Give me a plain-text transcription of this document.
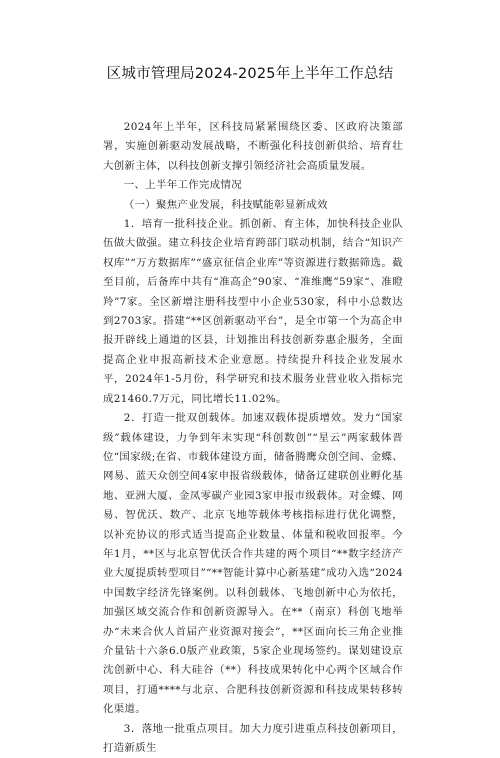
区城市管理局2024-2025年上半年工作总结

2024年上半年，区科技局紧紧围绕区委、区政府决策部署，实施创新驱动发展战略，不断强化科技创新供给、培育壮大创新主体，以科技创新支撑引领经济社会高质量发展。

一、上半年工作完成情况

（一）聚焦产业发展，科技赋能彰显新成效

1．培育一批科技企业。抓创新、育主体，加快科技企业队伍做大做强。建立科技企业培育跨部门联动机制，结合“知识产权库”“万方数据库”“盛京征信企业库”等资源进行数据筛选。截至目前，后备库中共有“准高企”90家、“准维鹰”59家“、准瞪羚”7家。全区新增注册科技型中小企业530家，科中小总数达到2703家。搭建“**区创新驱动平台”，是全市第一个为高企申报开辟线上通道的区县，计划推出科技创新券惠企服务，全面提高企业申报高新技术企业意愿。持续提升科技企业发展水平，2024年1-5月份，科学研究和技术服务业营业收入指标完成21460.7万元，同比增长11.02%。

2．打造一批双创载体。加速双载体提质增效。发力“国家级”载体建设，力争到年末实现“科创数创”“星云”两家载体晋位“国家级;在省、市载体建设方面，储备腾鹰众创空间、金蝶、网易、蓝天众创空间4家申报省级载体，储备辽建联创业孵化基地、亚洲大厦、金凤零碳产业园3家申报市级载体。对金蝶、网易、智优沃、数产、北京飞地等载体考核指标进行优化调整，以补充协议的形式适当提高企业数量、体量和税收回报率。今年1月，**区与北京智优沃合作共建的两个项目“**数字经济产业大厦提质转型项目”“**智能计算中心新基建”成功入选“2024中国数字经济先锋案例。以科创载体、飞地创新中心为依托，加强区域交流合作和创新资源导入。在**（南京）科创飞地举办“未来合伙人首届产业资源对接会”，**区面向长三角企业推介量钻十六条6.0版产业政策，5家企业现场签约。谋划建设京沈创新中心、科大硅谷（**）科技成果转化中心两个区域合作项目，打通****与北京、合肥科技创新资源和科技成果转移转化渠道。

3．落地一批重点项目。加大力度引进重点科技创新项目，打造新质生
